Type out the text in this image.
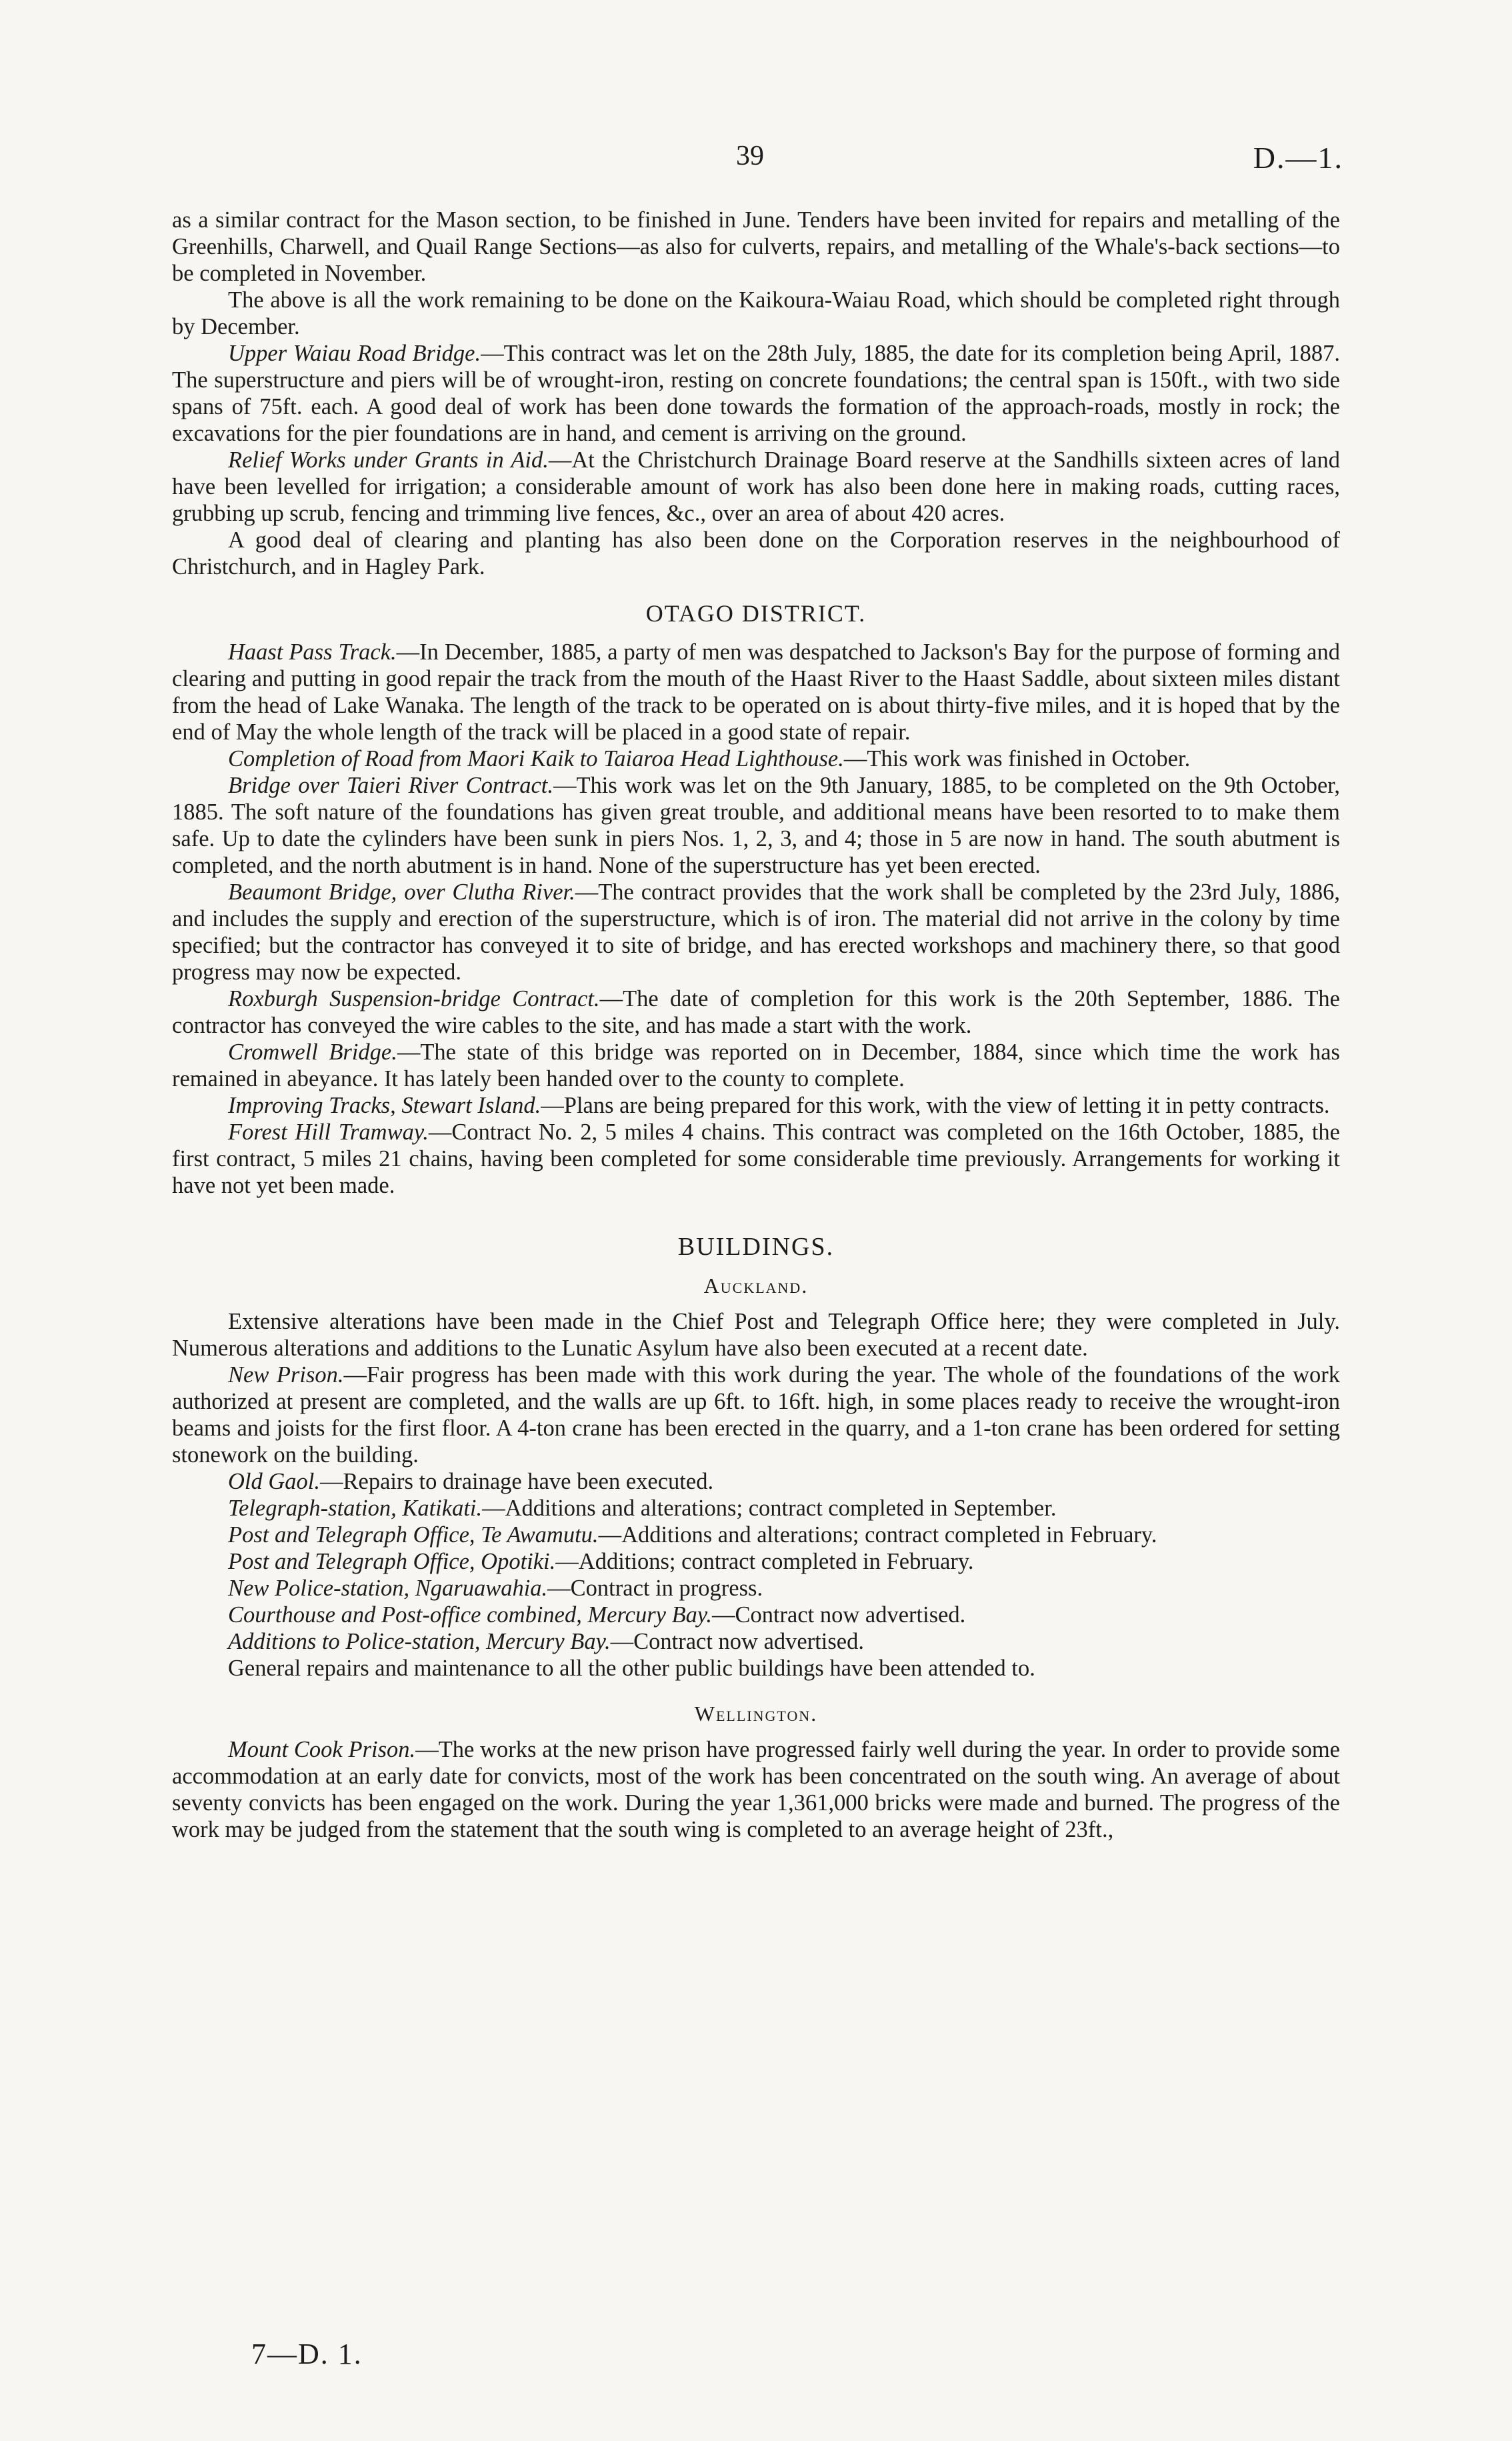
39	D.—1.

as a similar contract for the Mason section, to be finished in June. Tenders have been invited for repairs and metalling of the Greenhills, Charwell, and Quail Range Sections—as also for culverts, repairs, and metalling of the Whale's-back sections—to be completed in November.

The above is all the work remaining to be done on the Kaikoura-Waiau Road, which should be completed right through by December.

Upper Waiau Road Bridge.—This contract was let on the 28th July, 1885, the date for its completion being April, 1887. The superstructure and piers will be of wrought-iron, resting on concrete foundations; the central span is 150ft., with two side spans of 75ft. each. A good deal of work has been done towards the formation of the approach-roads, mostly in rock; the excavations for the pier foundations are in hand, and cement is arriving on the ground.

Relief Works under Grants in Aid.—At the Christchurch Drainage Board reserve at the Sandhills sixteen acres of land have been levelled for irrigation; a considerable amount of work has also been done here in making roads, cutting races, grubbing up scrub, fencing and trimming live fences, &c., over an area of about 420 acres.

A good deal of clearing and planting has also been done on the Corporation reserves in the neighbourhood of Christchurch, and in Hagley Park.

OTAGO DISTRICT.

Haast Pass Track.—In December, 1885, a party of men was despatched to Jackson's Bay for the purpose of forming and clearing and putting in good repair the track from the mouth of the Haast River to the Haast Saddle, about sixteen miles distant from the head of Lake Wanaka. The length of the track to be operated on is about thirty-five miles, and it is hoped that by the end of May the whole length of the track will be placed in a good state of repair.

Completion of Road from Maori Kaik to Taiaroa Head Lighthouse.—This work was finished in October.

Bridge over Taieri River Contract.—This work was let on the 9th January, 1885, to be completed on the 9th October, 1885. The soft nature of the foundations has given great trouble, and additional means have been resorted to to make them safe. Up to date the cylinders have been sunk in piers Nos. 1, 2, 3, and 4; those in 5 are now in hand. The south abutment is completed, and the north abutment is in hand. None of the superstructure has yet been erected.

Beaumont Bridge, over Clutha River.—The contract provides that the work shall be completed by the 23rd July, 1886, and includes the supply and erection of the superstructure, which is of iron. The material did not arrive in the colony by time specified; but the contractor has conveyed it to site of bridge, and has erected workshops and machinery there, so that good progress may now be expected.

Roxburgh Suspension-bridge Contract.—The date of completion for this work is the 20th September, 1886. The contractor has conveyed the wire cables to the site, and has made a start with the work.

Cromwell Bridge.—The state of this bridge was reported on in December, 1884, since which time the work has remained in abeyance. It has lately been handed over to the county to complete.

Improving Tracks, Stewart Island.—Plans are being prepared for this work, with the view of letting it in petty contracts.

Forest Hill Tramway.—Contract No. 2, 5 miles 4 chains. This contract was completed on the 16th October, 1885, the first contract, 5 miles 21 chains, having been completed for some considerable time previously. Arrangements for working it have not yet been made.

BUILDINGS.
Auckland.

Extensive alterations have been made in the Chief Post and Telegraph Office here; they were completed in July. Numerous alterations and additions to the Lunatic Asylum have also been executed at a recent date.

New Prison.—Fair progress has been made with this work during the year. The whole of the foundations of the work authorized at present are completed, and the walls are up 6ft. to 16ft. high, in some places ready to receive the wrought-iron beams and joists for the first floor. A 4-ton crane has been erected in the quarry, and a 1-ton crane has been ordered for setting stonework on the building.

Old Gaol.—Repairs to drainage have been executed.

Telegraph-station, Katikati.—Additions and alterations; contract completed in September.

Post and Telegraph Office, Te Awamutu.—Additions and alterations; contract completed in February.

Post and Telegraph Office, Opotiki.—Additions; contract completed in February.

New Police-station, Ngaruawahia.—Contract in progress.

Courthouse and Post-office combined, Mercury Bay.—Contract now advertised.

Additions to Police-station, Mercury Bay.—Contract now advertised.

General repairs and maintenance to all the other public buildings have been attended to.

Wellington.

Mount Cook Prison.—The works at the new prison have progressed fairly well during the year. In order to provide some accommodation at an early date for convicts, most of the work has been concentrated on the south wing. An average of about seventy convicts has been engaged on the work. During the year 1,361,000 bricks were made and burned. The progress of the work may be judged from the statement that the south wing is completed to an average height of 23ft.,

7—D. 1.
